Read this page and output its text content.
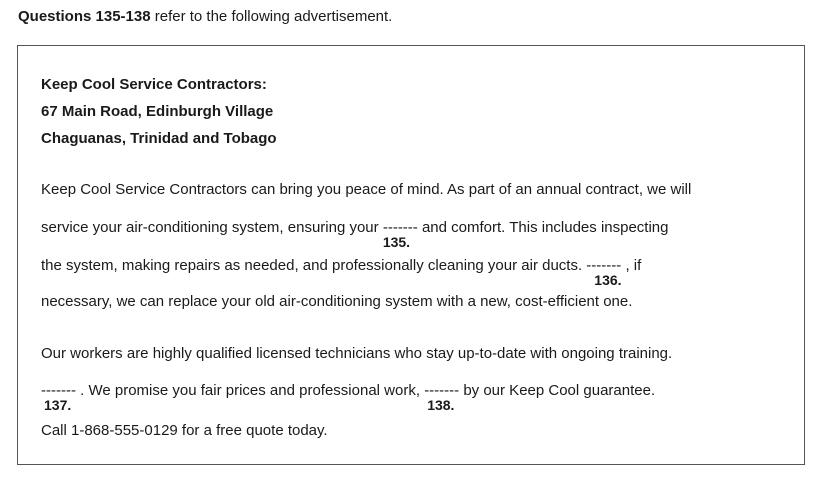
Questions 135-138 refer to the following advertisement.
Keep Cool Service Contractors:
67 Main Road, Edinburgh Village
Chaguanas, Trinidad and Tobago
Keep Cool Service Contractors can bring you peace of mind. As part of an annual contract, we will
service your air-conditioning system, ensuring your -------
135.
and comfort. This includes inspecting
the system, making repairs as needed, and professionally cleaning your air ducts. -------
136.
, if
necessary, we can replace your old air-conditioning system with a new, cost-efficient one.
Our workers are highly qualified licensed technicians who stay up-to-date with ongoing training.
-------
137.
. We promise you fair prices and professional work, -------
138.
by our Keep Cool guarantee.
Call 1-868-555-0129 for a free quote today.
